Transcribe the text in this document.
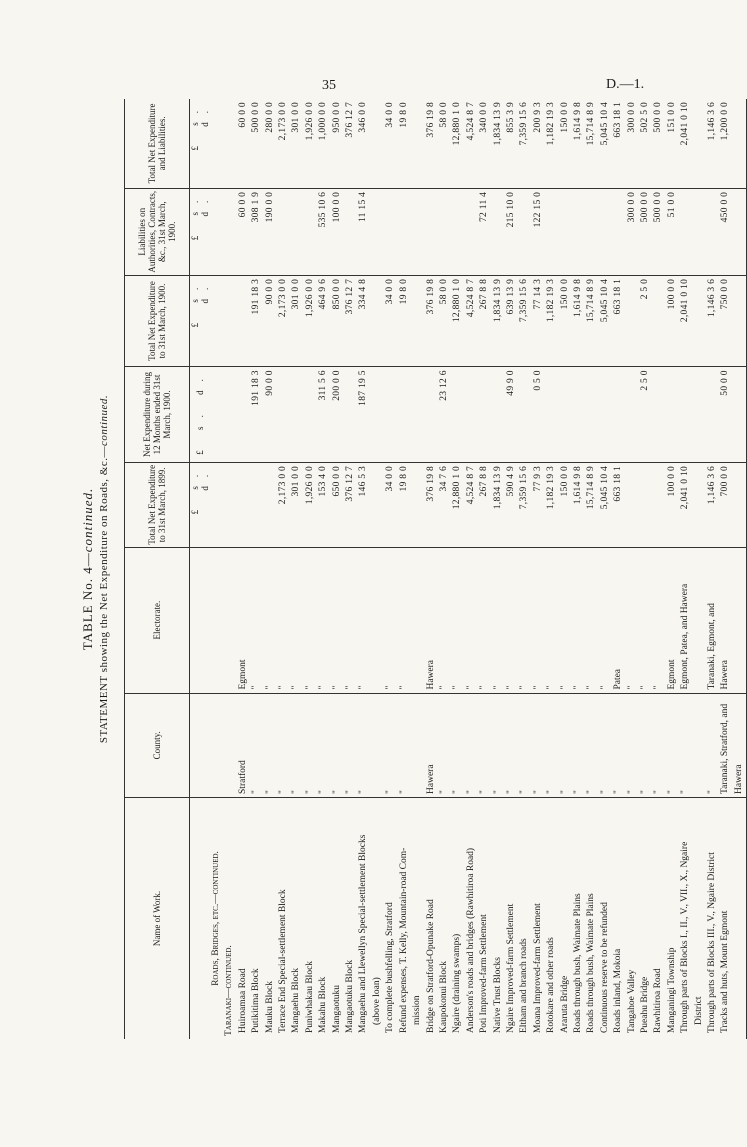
35	D.—1.
TABLE No. 4—continued. STATEMENT showing the Net Expenditure on Roads, &c.—continued.
Name of Work.	County.	Electorate.	Total Net Expenditure to 31st March, 1899.	Net Expenditure during 12 Months ended 31st March, 1900.	Total Net Expenditure to 31st March, 1900.	Liabilities on Authorities, Contracts, &c., 31st March, 1900.	Total Net Expenditure and Liabilities.
			£ s. d.	£ s. d.	£ s. d.	£ s. d.	£ s. d.
Roads, Bridges, etc.—continued.							
Taranaki—continued.							
Huiroamaa Road	Stratford	Egmont				60 0 0	60 0 0
Putikitima Block	"	"		191 18 3	191 18 3	308 1 9	500 0 0
Mauku Block	"	"		90 0 0	90 0 0	190 0 0	280 0 0
Terrace End Special-settlement Block	"	"	2,173 0 0		2,173 0 0		2,173 0 0
Mangaehu Block	"	"	301 0 0		301 0 0		301 0 0
Puniwhakau Block	"	"	1,926 0 0		1,926 0 0		1,926 0 0
Makahu Block	"	"	153 4 0	311 5 6	464 9 6	535 10 6	1,000 0 0
Mangaotuku	"	"	650 0 0	200 0 0	850 0 0	100 0 0	950 0 0
Mangaotuku Block	"	"	376 12 7		376 12 7		376 12 7
Mangaehu and Llewellyn Special-settlement Blocks	"	"	146 5 3	187 19 5	334 4 8	11 15 4	346 0 0
(above loan)							
To complete bushfelling, Stratford	"	"	34 0 0		34 0 0		34 0 0
Refund expenses, T. Kelly, Mountain-road Com-	"	"	19 8 0		19 8 0		19 8 0
mission							
Bridge on Stratford-Opunake Road	Hawera	Hawera	376 19 8		376 19 8		376 19 8
Kaupokonui Block	"	"	34 7 6	23 12 6	58 0 0		58 0 0
Ngaire (draining swamps)	"	"	12,880 1 0		12,880 1 0		12,880 1 0
Anderson's roads and bridges (Rawhitiroa Road)	"	"	4,524 8 7		4,524 8 7		4,524 8 7
Poti Improved-farm Settlement	"	"	267 8 8		267 8 8	72 11 4	340 0 0
Native Trust Blocks	"	"	1,834 13 9		1,834 13 9		1,834 13 9
Ngaire Improved-farm Settlement	"	"	590 4 9	49 9 0	639 13 9	215 10 0	855 3 9
Eltham and branch roads	"	"	7,359 15 6		7,359 15 6		7,359 15 6
Moana Improved-farm Settlement	"	"	77 9 3	0 5 0	77 14 3	122 15 0	200 9 3
Rotokare and other roads	"	"	1,182 19 3		1,182 19 3		1,182 19 3
Araruta Bridge	"	"	150 0 0		150 0 0		150 0 0
Roads through bush, Waimate Plains	"	"	1,614 9 8		1,614 9 8		1,614 9 8
Roads through bush, Waimate Plains	"	"	15,714 8 9		15,714 8 9		15,714 8 9
Continuous reserve to be refunded	"	"	5,045 10 4		5,045 10 4		5,045 10 4
Roads inland, Mokoia	"	Patea	663 18 1		663 18 1		663 18 1
Tangahoe Valley	"	"				300 0 0	300 0 0
Pueahu Bridge	"	"		2 5 0	2 5 0	500 0 0	502 5 0
Rawhitiroa Road	"	"				500 0 0	500 0 0
Manganingi Township	"	Egmont	100 0 0		100 0 0	51 0 0	151 0 0
Through parts of Blocks I., II., V., VII., X., Ngaire	"	Egmont, Patea, and Hawera	2,041 0 10		2,041 0 10		2,041 0 10
District							
Through parts of Blocks III., V., Ngaire District	"	Taranaki, Egmont, and	1,146 3 6		1,146 3 6		1,146 3 6
Tracks and huts, Mount Egmont	Taranaki, Stratford, and	Hawera	700 0 0	50 0 0	750 0 0	450 0 0	1,200 0 0
	Hawera						
